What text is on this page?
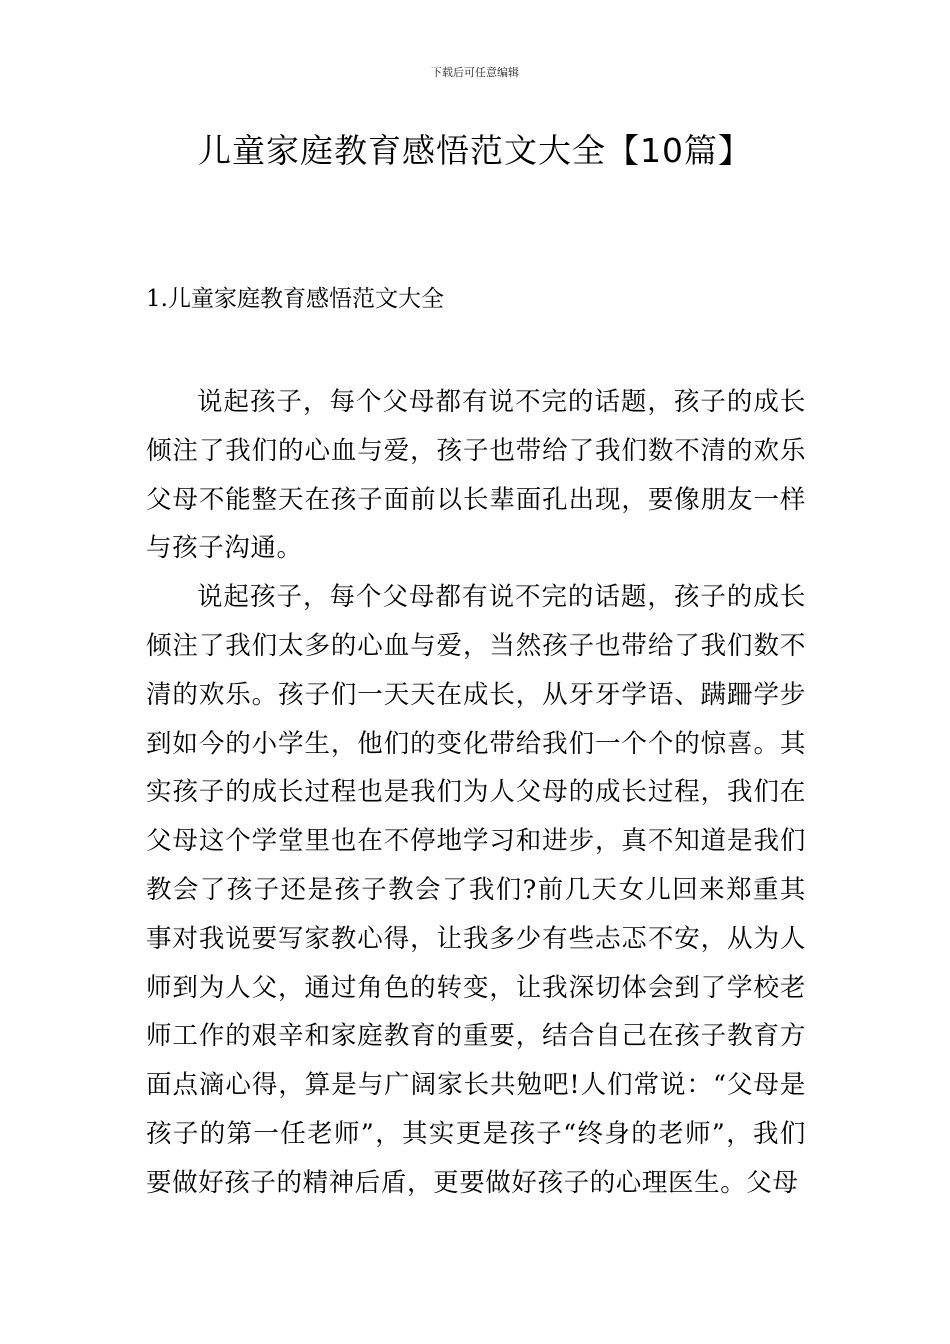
下载后可任意编辑
儿童家庭教育感悟范文大全【10篇】
1.儿童家庭教育感悟范文大全

说起孩子，每个父母都有说不完的话题，孩子的成长倾注了我们的心血与爱，孩子也带给了我们数不清的欢乐父母不能整天在孩子面前以长辈面孔出现，要像朋友一样与孩子沟通。

说起孩子，每个父母都有说不完的话题，孩子的成长倾注了我们太多的心血与爱，当然孩子也带给了我们数不清的欢乐。孩子们一天天在成长，从牙牙学语、蹒跚学步到如今的小学生，他们的变化带给我们一个个的惊喜。其实孩子的成长过程也是我们为人父母的成长过程，我们在父母这个学堂里也在不停地学习和进步，真不知道是我们教会了孩子还是孩子教会了我们?前几天女儿回来郑重其事对我说要写家教心得，让我多少有些忐忑不安，从为人师到为人父，通过角色的转变，让我深切体会到了学校老师工作的艰辛和家庭教育的重要，结合自己在孩子教育方面点滴心得，算是与广阔家长共勉吧!人们常说：“父母是孩子的第一任老师”，其实更是孩子“终身的老师”，我们要做好孩子的精神后盾，更要做好孩子的心理医生。父母
